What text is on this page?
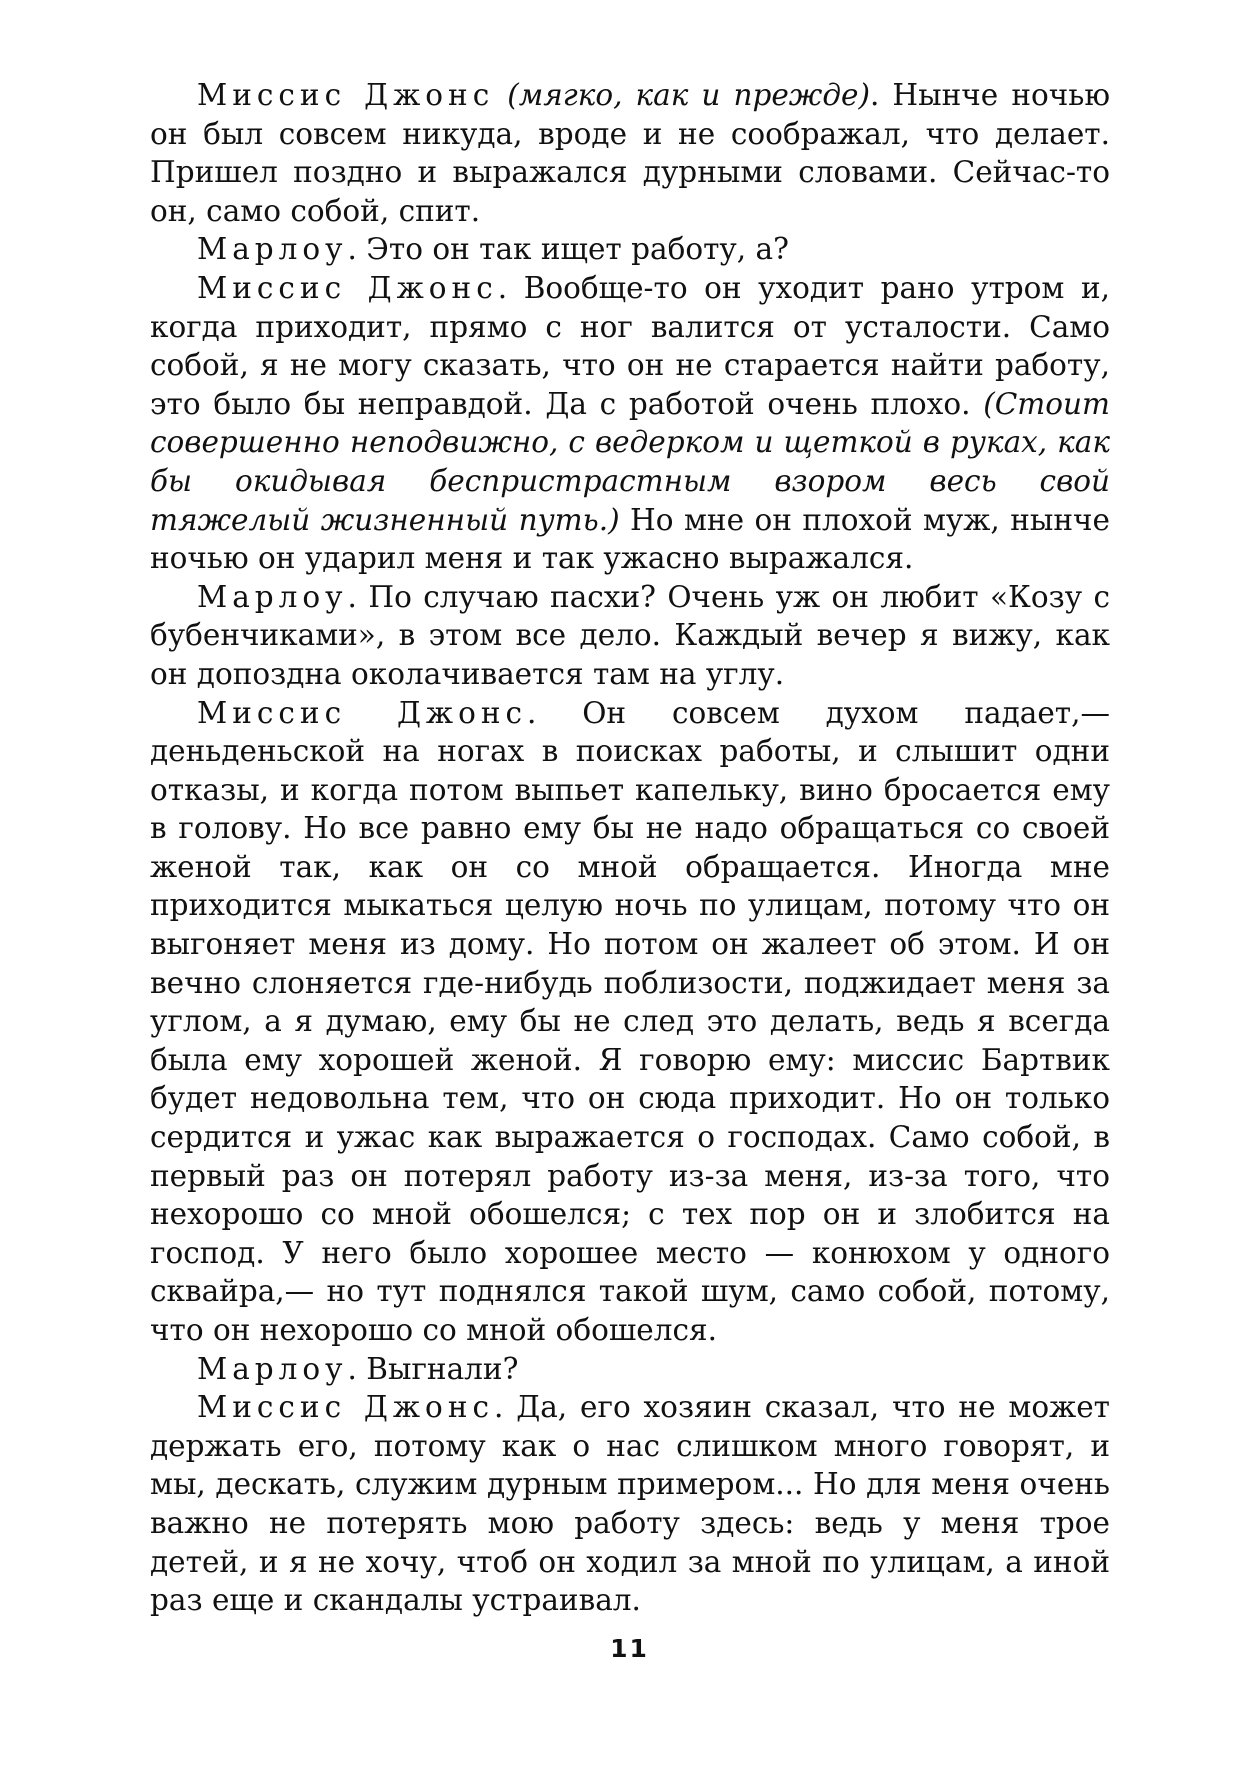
Миссис Джонс (мягко, как и прежде). Нынче ночью он был совсем никуда, вроде и не соображал, что делает. Пришел поздно и выражался дурными словами. Сейчас-то он, само собой, спит.

Марлоу. Это он так ищет работу, а?

Миссис Джонс. Вообще-то он уходит рано утром и, когда приходит, прямо с ног валится от усталости. Само собой, я не могу сказать, что он не старается найти работу, это было бы неправдой. Да с работой очень плохо. (Стоит совершенно неподвижно, с ведерком и щеткой в руках, как бы окидывая беспристрастным взором весь свой тяжелый жизненный путь.) Но мне он плохой муж, нынче ночью он ударил меня и так ужасно выражался.

Марлоу. По случаю пасхи? Очень уж он любит «Козу с бубенчиками», в этом все дело. Каждый вечер я вижу, как он допоздна околачивается там на углу.

Миссис Джонс. Он совсем духом падает,— деньденьской на ногах в поисках работы, и слышит одни отказы, и когда потом выпьет капельку, вино бросается ему в голову. Но все равно ему бы не надо обращаться со своей женой так, как он со мной обращается. Иногда мне приходится мыкаться целую ночь по улицам, потому что он выгоняет меня из дому. Но потом он жалеет об этом. И он вечно слоняется где-нибудь поблизости, поджидает меня за углом, а я думаю, ему бы не след это делать, ведь я всегда была ему хорошей женой. Я говорю ему: миссис Бартвик будет недовольна тем, что он сюда приходит. Но он только сердится и ужас как выражается о господах. Само собой, в первый раз он потерял работу из-за меня, из-за того, что нехорошо со мной обошелся; с тех пор он и злобится на господ. У него было хорошее место — конюхом у одного сквайра,— но тут поднялся такой шум, само собой, потому, что он нехорошо со мной обошелся.

Марлоу. Выгнали?

Миссис Джонс. Да, его хозяин сказал, что не может держать его, потому как о нас слишком много говорят, и мы, дескать, служим дурным примером... Но для меня очень важно не потерять мою работу здесь: ведь у меня трое детей, и я не хочу, чтоб он ходил за мной по улицам, а иной раз еще и скандалы устраивал.

11
